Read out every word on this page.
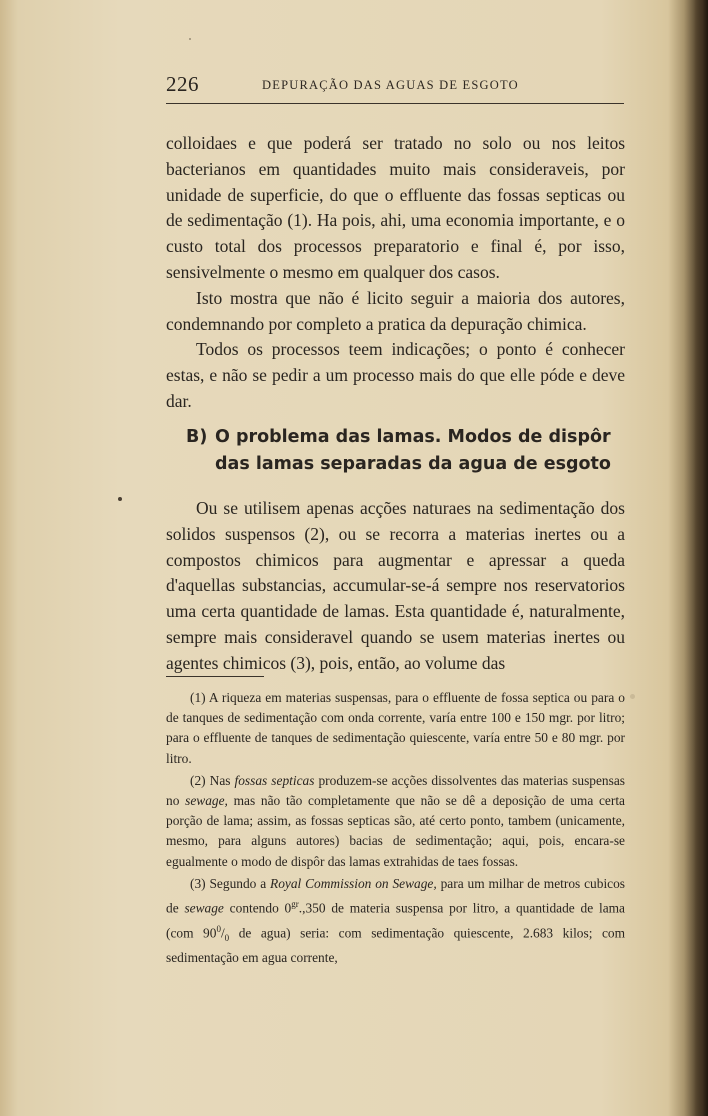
226	DEPURAÇÃO DAS AGUAS DE ESGOTO

colloidaes e que poderá ser tratado no solo ou nos leitos bacterianos em quantidades muito mais consideraveis, por unidade de superficie, do que o effluente das fossas septicas ou de sedimentação (1). Ha pois, ahi, uma economia importante, e o custo total dos processos preparatorio e final é, por isso, sensivelmente o mesmo em qualquer dos casos.

Isto mostra que não é licito seguir a maioria dos autores, condemnando por completo a pratica da depuração chimica.

Todos os processos teem indicações; o ponto é conhecer estas, e não se pedir a um processo mais do que elle póde e deve dar.

B) O problema das lamas. Modos de dispôr
das lamas separadas da agua de esgoto

Ou se utilisem apenas acções naturaes na sedimentação dos solidos suspensos (2), ou se recorra a materias inertes ou a compostos chimicos para augmentar e apressar a queda d'aquellas substancias, accumular-se-á sempre nos reservatorios uma certa quantidade de lamas. Esta quantidade é, naturalmente, sempre mais consideravel quando se usem materias inertes ou agentes chimicos (3), pois, então, ao volume das

(1) A riqueza em materias suspensas, para o effluente de fossa septica ou para o de tanques de sedimentação com onda corrente, varía entre 100 e 150 mgr. por litro; para o effluente de tanques de sedimentação quiescente, varía entre 50 e 80 mgr. por litro.

(2) Nas fossas septicas produzem-se acções dissolventes das materias suspensas no sewage, mas não tão completamente que não se dê a deposição de uma certa porção de lama; assim, as fossas septicas são, até certo ponto, tambem (unicamente, mesmo, para alguns autores) bacias de sedimentação; aqui, pois, encara-se egualmente o modo de dispôr das lamas extrahidas de taes fossas.

(3) Segundo a Royal Commission on Sewage, para um milhar de metros cubicos de sewage contendo $0^{gr}.,350$ de materia suspensa por litro, a quantidade de lama (com $90^0/_0$ de agua) seria: com sedimentação quiescente, 2.683 kilos; com sedimentação em agua corrente,
